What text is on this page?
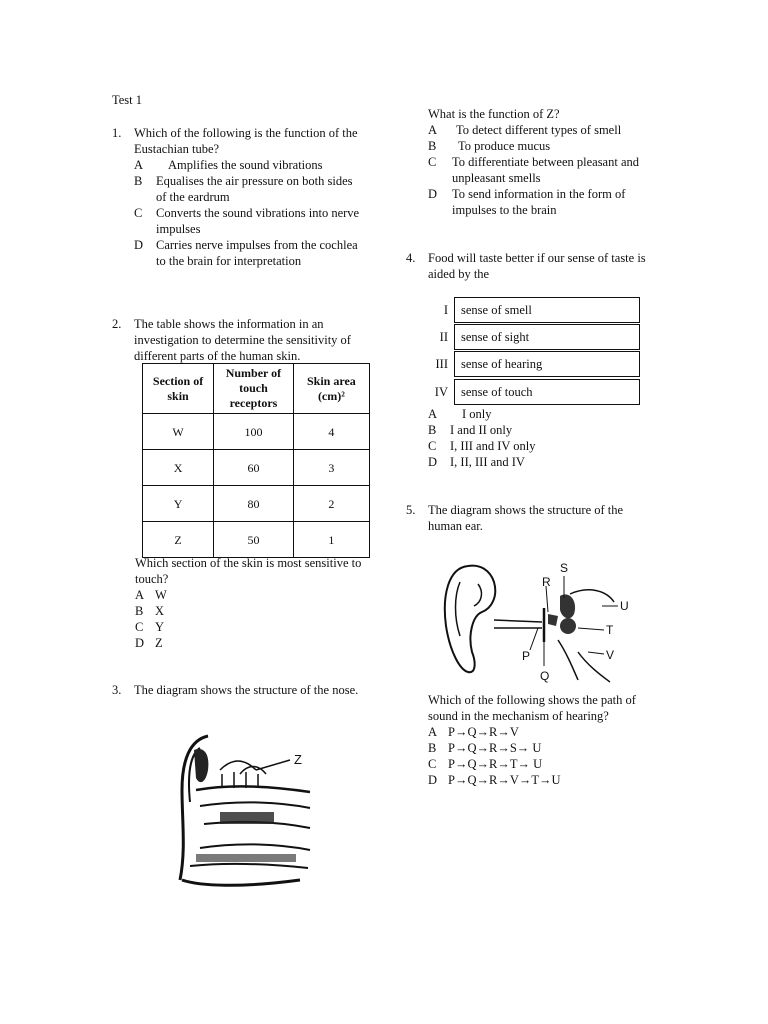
Test 1
1.	Which of the following is the function of the Eustachian tube?
A	Amplifies the sound vibrations
B	Equalises the air pressure on both sides of the eardrum
C	Converts the sound vibrations into nerve impulses
D	Carries nerve impulses from the cochlea to the brain for interpretation
2.	The table shows the information in an investigation to determine the sensitivity of different parts of the human skin.
Section of skin	Number of touch receptors	Skin area (cm)²
W	100	4
X	60	3
Y	80	2
Z	50	1
Which section of the skin is most sensitive to touch?
A W
B X
C Y
D Z
3.	The diagram shows the structure of the nose.
Z
What is the function of Z?
A	To detect different types of smell
B	To produce mucus
C	To differentiate between pleasant and unpleasant smells
D	To send information in the form of impulses to the brain
4.	Food will taste better if our sense of taste is aided by the
I	sense of smell
II	sense of sight
III	sense of hearing
IV	sense of touch
A	I only
B	I and II only
C	I, III and IV only
D	I, II, III and IV
5.	The diagram shows the structure of the human ear.
S
R
U
T
P	V
Q
Which of the following shows the path of sound in the mechanism of hearing?
A P→Q→R→V
B P→Q→R→S→ U
C P→Q→R→T→ U
D P→Q→R→V→T→U
